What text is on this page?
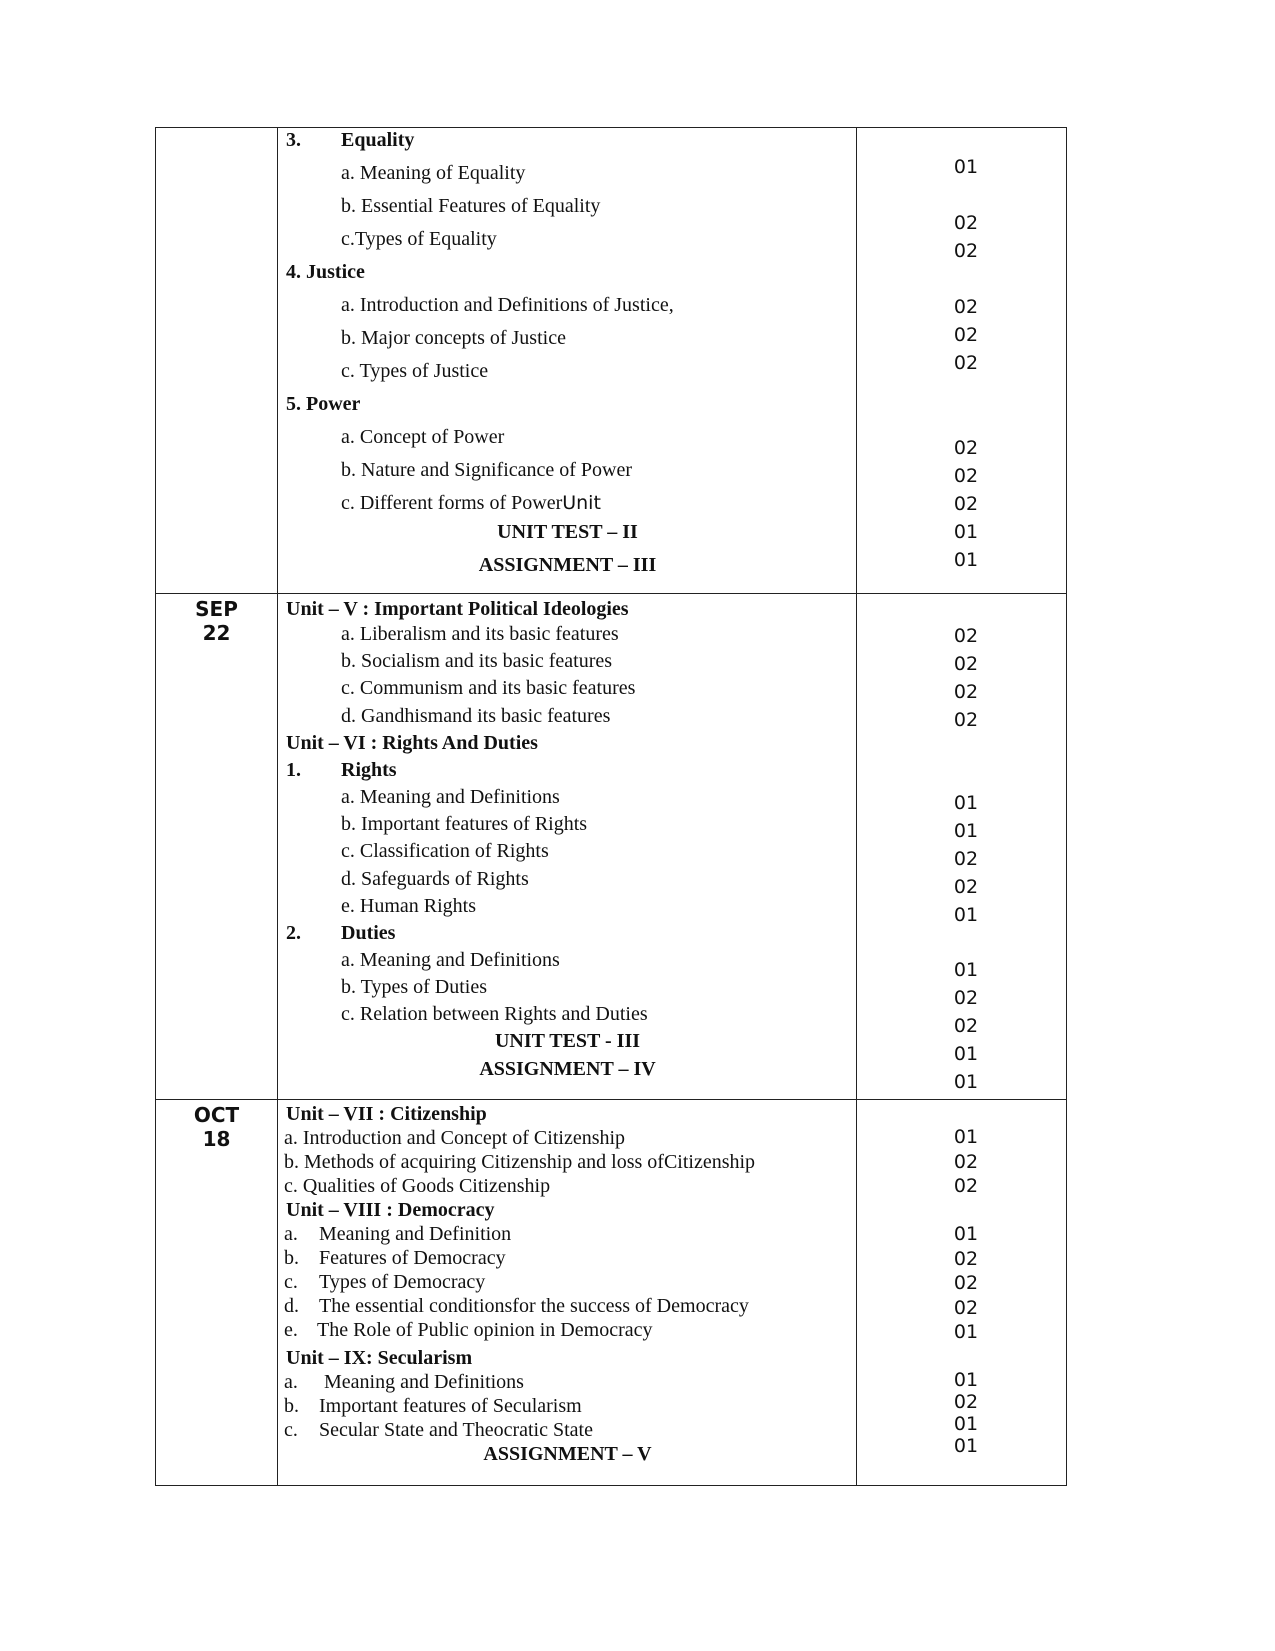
3. Equality
a. Meaning of Equality
b. Essential Features of Equality
c.Types of Equality
4. Justice
a. Introduction and Definitions of Justice,
b. Major concepts of Justice
c. Types of Justice
5. Power
a. Concept of Power
b. Nature and Significance of Power
c. Different forms of PowerUnit
UNIT TEST – II
ASSIGNMENT – III
01
02
02
02
02
02
02
02
02
01
01
SEP
22
Unit – V : Important Political Ideologies
a. Liberalism and its basic features
b. Socialism and its basic features
c. Communism and its basic features
d. Gandhismand its basic features
Unit – VI : Rights And Duties
1. Rights
a. Meaning and Definitions
b. Important features of Rights
c. Classification of Rights
d. Safeguards of Rights
e. Human Rights
2. Duties
a. Meaning and Definitions
b. Types of Duties
c. Relation between Rights and Duties
UNIT TEST - III
ASSIGNMENT – IV
02
02
02
02
01
01
02
02
01
01
02
02
01
01
OCT
18
Unit – VII : Citizenship
a. Introduction and Concept of Citizenship
b. Methods of acquiring Citizenship and loss ofCitizenship
c. Qualities of Goods Citizenship
Unit – VIII : Democracy
a. Meaning and Definition
b. Features of Democracy
c. Types of Democracy
d. The essential conditionsfor the success of Democracy
e. The Role of Public opinion in Democracy
Unit – IX: Secularism
a. Meaning and Definitions
b. Important features of Secularism
c. Secular State and Theocratic State
ASSIGNMENT – V
01
02
02
01
02
02
02
01
01
02
01
01
